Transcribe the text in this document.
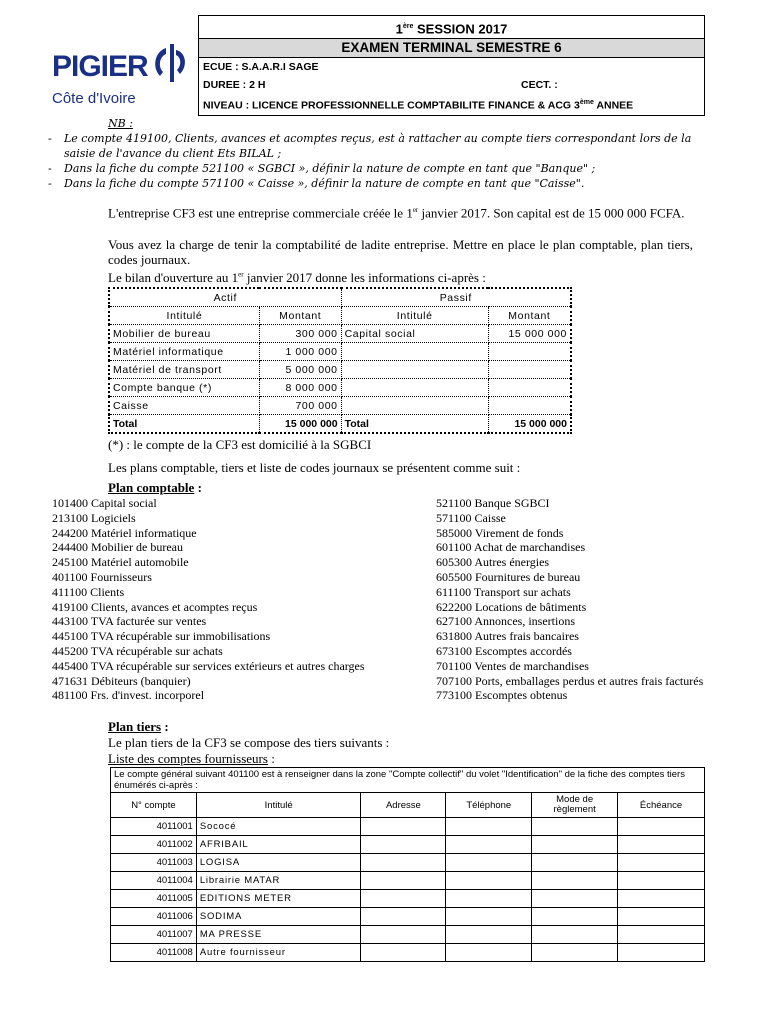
PIGIER
Côte d'Ivoire
1ère SESSION 2017
EXAMEN TERMINAL SEMESTRE 6
ECUE : S.A.A.R.I SAGE
DUREE : 2 H	CECT. :
NIVEAU : LICENCE PROFESSIONNELLE COMPTABILITE FINANCE & ACG 3ème ANNEE
NB :
-	Le compte 419100, Clients, avances et acomptes reçus, est à rattacher au compte tiers correspondant lors de la saisie de l'avance du client Ets BILAL ;
-	Dans la fiche du compte 521100 « SGBCI », définir la nature de compte en tant que "Banque" ;
-	Dans la fiche du compte 571100 « Caisse », définir la nature de compte en tant que "Caisse".
L'entreprise CF3 est une entreprise commerciale créée le 1er janvier 2017. Son capital est de 15 000 000 FCFA.
Vous avez la charge de tenir la comptabilité de ladite entreprise. Mettre en place le plan comptable, plan tiers, codes journaux.
Le bilan d'ouverture au 1er janvier 2017 donne les informations ci-après :
Actif		Passif	
Intitulé	Montant	Intitulé	Montant
Mobilier de bureau	300 000	Capital social	15 000 000
Matériel informatique	1 000 000		
Matériel de transport	5 000 000		
Compte banque (*)	8 000 000		
Caisse	700 000		
Total	15 000 000	Total	15 000 000
(*) : le compte de la CF3 est domicilié à la SGBCI
Les plans comptable, tiers et liste de codes journaux se présentent comme suit :
Plan comptable :
101400 Capital social
213100 Logiciels
244200 Matériel informatique
244400 Mobilier de bureau
245100 Matériel automobile
401100 Fournisseurs
411100 Clients
419100 Clients, avances et acomptes reçus
443100 TVA facturée sur ventes
445100 TVA récupérable sur immobilisations
445200 TVA récupérable sur achats
445400 TVA récupérable sur services extérieurs et autres charges
471631 Débiteurs (banquier)
481100 Frs. d'invest. incorporel
521100 Banque SGBCI
571100 Caisse
585000 Virement de fonds
601100 Achat de marchandises
605300 Autres énergies
605500 Fournitures de bureau
611100 Transport sur achats
622200 Locations de bâtiments
627100 Annonces, insertions
631800 Autres frais bancaires
673100 Escomptes accordés
701100 Ventes de marchandises
707100 Ports, emballages perdus et autres frais facturés
773100 Escomptes obtenus
Plan tiers :
Le plan tiers de la CF3 se compose des tiers suivants :
Liste des comptes fournisseurs :
Le compte général suivant 401100 est à renseigner dans la zone "Compte collectif" du volet "Identification" de la fiche des comptes tiers énumérés ci-après :					
N° compte	Intitulé	Adresse	Téléphone	Mode de règlement	Échéance
4011001	Sococé				
4011002	AFRIBAIL				
4011003	LOGISA				
4011004	Librairie MATAR				
4011005	EDITIONS METER				
4011006	SODIMA				
4011007	MA PRESSE				
4011008	Autre fournisseur				
